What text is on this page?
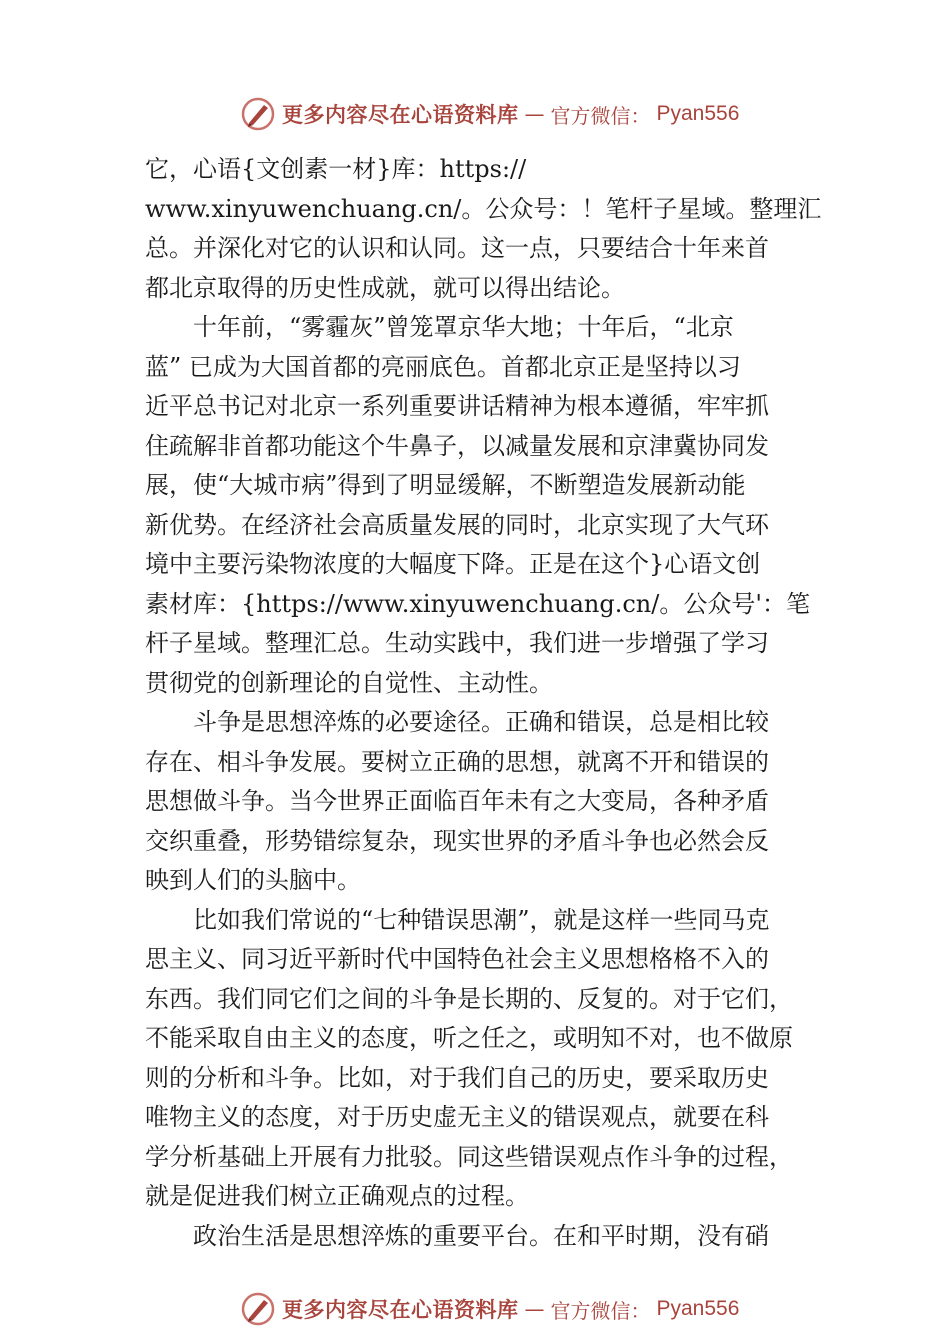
更多内容尽在心语资料库 — 官方微信： Pyan556
它，心语{文创素一材}库：https://
www.xinyuwenchuang.cn/。公众号：！笔杆子星域。整理汇
总。并深化对它的认识和认同。这一点，只要结合十年来首
都北京取得的历史性成就，就可以得出结论。
十年前，“雾霾灰”曾笼罩京华大地；十年后，“北京
蓝” 已成为大国首都的亮丽底色。首都北京正是坚持以习
近平总书记对北京一系列重要讲话精神为根本遵循，牢牢抓
住疏解非首都功能这个牛鼻子，以减量发展和京津冀协同发
展，使“大城市病”得到了明显缓解，不断塑造发展新动能
新优势。在经济社会高质量发展的同时，北京实现了大气环
境中主要污染物浓度的大幅度下降。正是在这个}心语文创
素材库：{https://www.xinyuwenchuang.cn/。公众号'：笔
杆子星域。整理汇总。生动实践中，我们进一步增强了学习
贯彻党的创新理论的自觉性、主动性。
斗争是思想淬炼的必要途径。正确和错误，总是相比较
存在、相斗争发展。要树立正确的思想，就离不开和错误的
思想做斗争。当今世界正面临百年未有之大变局，各种矛盾
交织重叠，形势错综复杂，现实世界的矛盾斗争也必然会反
映到人们的头脑中。
比如我们常说的“七种错误思潮”，就是这样一些同马克
思主义、同习近平新时代中国特色社会主义思想格格不入的
东西。我们同它们之间的斗争是长期的、反复的。对于它们，
不能采取自由主义的态度，听之任之，或明知不对，也不做原
则的分析和斗争。比如，对于我们自己的历史，要采取历史
唯物主义的态度，对于历史虚无主义的错误观点，就要在科
学分析基础上开展有力批驳。同这些错误观点作斗争的过程，
就是促进我们树立正确观点的过程。
政治生活是思想淬炼的重要平台。在和平时期，没有硝
更多内容尽在心语资料库 — 官方微信： Pyan556
